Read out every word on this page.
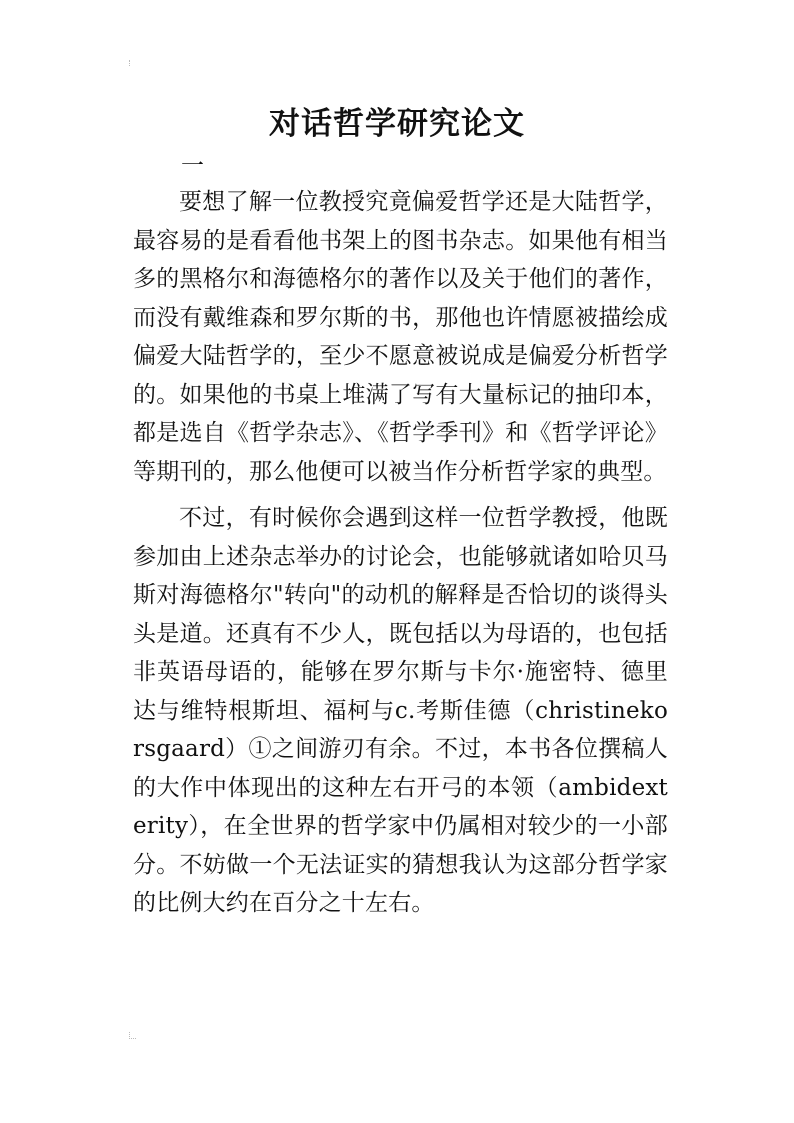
对话哲学研究论文
一

要想了解一位教授究竟偏爱哲学还是大陆哲学，最容易的是看看他书架上的图书杂志。如果他有相当多的黑格尔和海德格尔的著作以及关于他们的著作，而没有戴维森和罗尔斯的书，那他也许情愿被描绘成偏爱大陆哲学的，至少不愿意被说成是偏爱分析哲学的。如果他的书桌上堆满了写有大量标记的抽印本，都是选自《哲学杂志》、《哲学季刊》和《哲学评论》等期刊的，那么他便可以被当作分析哲学家的典型。

不过，有时候你会遇到这样一位哲学教授，他既参加由上述杂志举办的讨论会，也能够就诸如哈贝马斯对海德格尔"转向"的动机的解释是否恰切的谈得头头是道。还真有不少人，既包括以为母语的，也包括非英语母语的，能够在罗尔斯与卡尔·施密特、德里达与维特根斯坦、福柯与c.考斯佳德（christinekorsgaard）①之间游刃有余。不过，本书各位撰稿人的大作中体现出的这种左右开弓的本领（ambidexterity），在全世界的哲学家中仍属相对较少的一小部分。不妨做一个无法证实的猜想我认为这部分哲学家的比例大约在百分之十左右。
